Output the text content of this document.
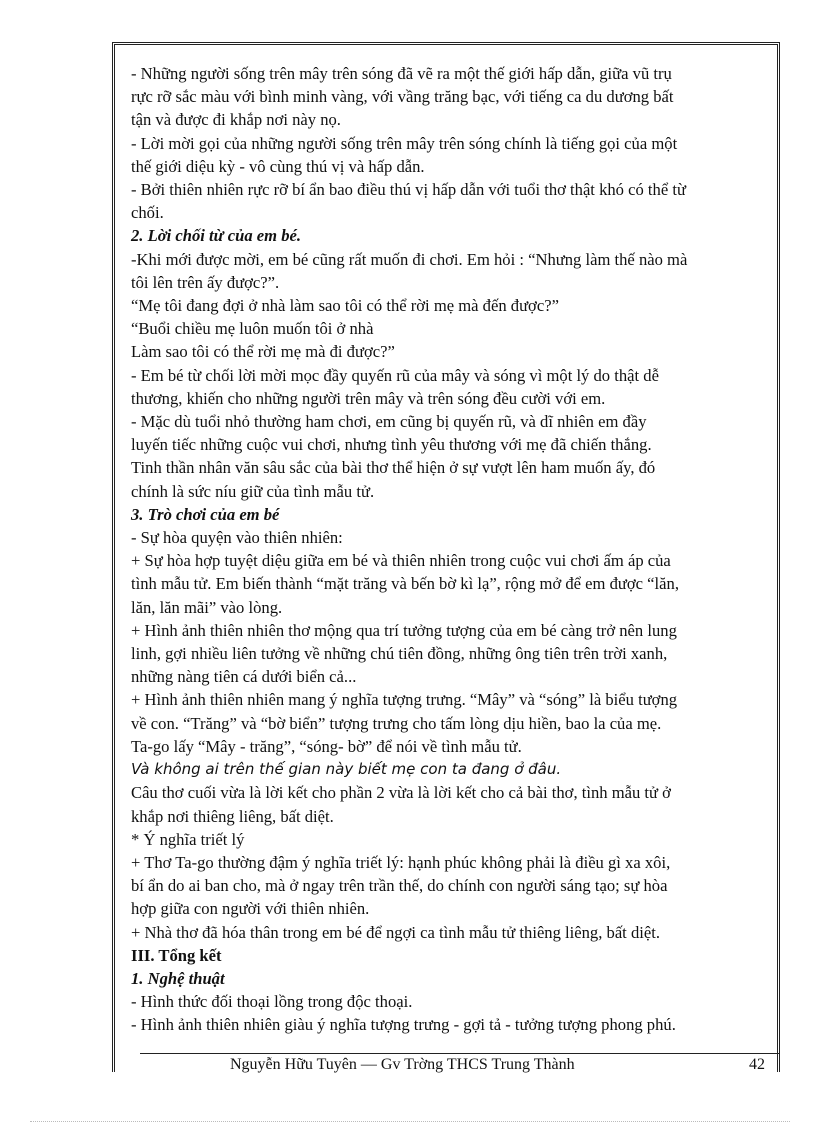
- Những người sống trên mây trên sóng đã vẽ ra một thế giới hấp dẫn, giữa vũ trụ

rực rỡ sắc màu với bình minh vàng, với vầng trăng bạc, với tiếng ca du dương bất

tận và được đi khắp nơi này nọ.

- Lời mời gọi của những người sống trên mây trên sóng chính là tiếng gọi của một

thế giới diệu kỳ - vô cùng thú vị và hấp dẫn.

- Bởi thiên nhiên rực rỡ bí ẩn bao điều thú vị hấp dẫn với tuổi thơ thật khó có thể từ

chối.

2. Lời chối từ của em bé.

-Khi mới được mời, em bé cũng rất muốn đi chơi. Em hỏi : “Nhưng làm thế nào mà

tôi lên trên ấy được?”.

“Mẹ tôi đang đợi ở nhà làm sao tôi có thể rời mẹ mà đến được?”

“Buổi chiều mẹ luôn muốn tôi ở nhà

Làm sao tôi có thể rời mẹ mà đi được?”

- Em bé từ chối lời mời mọc đầy quyến rũ của mây và sóng vì một lý do thật dễ

thương, khiến cho những người trên mây và trên sóng đều cười với em.

- Mặc dù tuổi nhỏ thường ham chơi, em cũng bị quyến rũ, và dĩ nhiên em đầy

luyến tiếc những cuộc vui chơi, nhưng tình yêu thương với mẹ đã chiến thắng.

Tinh thần nhân văn sâu sắc của bài thơ thể hiện ở sự vượt lên ham muốn ấy, đó

chính là sức níu giữ của tình mẫu tử.

3. Trò chơi của em bé

- Sự hòa quyện vào thiên nhiên:

+ Sự hòa hợp tuyệt diệu giữa em bé và thiên nhiên trong cuộc vui chơi ấm áp của

tình mẫu tử. Em biến thành “mặt trăng và bến bờ kì lạ”, rộng mở để em được “lăn,

lăn, lăn mãi” vào lòng.

+ Hình ảnh thiên nhiên thơ mộng qua trí tưởng tượng của em bé càng trở nên lung

linh, gợi nhiều liên tưởng về những chú tiên đồng, những ông tiên trên trời xanh,

những nàng tiên cá dưới biển cả...

+ Hình ảnh thiên nhiên mang ý nghĩa tượng trưng. “Mây” và “sóng” là biểu tượng

về con. “Trăng” và “bờ biển” tượng trưng cho tấm lòng dịu hiền, bao la của mẹ.

Ta-go lấy “Mây - trăng”, “sóng- bờ” để nói về tình mẫu tử.

Và không ai trên thế gian này biết mẹ con ta đang ở đâu.

Câu thơ cuối vừa là lời kết cho phần 2 vừa là lời kết cho cả bài thơ, tình mẫu tử ở

khắp nơi thiêng liêng, bất diệt.

* Ý nghĩa triết lý

+ Thơ Ta-go thường đậm ý nghĩa triết lý: hạnh phúc không phải là điều gì xa xôi,

bí ẩn do ai ban cho, mà ở ngay trên trần thế, do chính con người sáng tạo; sự hòa

hợp giữa con người với thiên nhiên.

+ Nhà thơ đã hóa thân trong em bé để ngợi ca tình mẫu tử thiêng liêng, bất diệt.

III. Tổng kết

1. Nghệ thuật

- Hình thức đối thoại lồng trong độc thoại.

- Hình ảnh thiên nhiên giàu ý nghĩa tượng trưng - gợi tả - tưởng tượng phong phú.

Nguyễn Hữu Tuyên — Gv Trờng THCS Trung Thành	42
